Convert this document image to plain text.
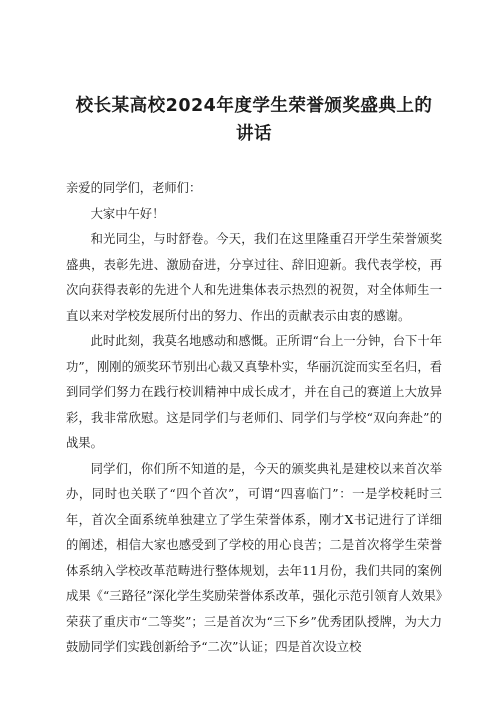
校长某高校2024年度学生荣誉颁奖盛典上的
讲话

亲爱的同学们，老师们：

大家中午好！

和光同尘，与时舒卷。今天，我们在这里隆重召开学生荣誉颁奖盛典，表彰先进、激励奋进，分享过往、辞旧迎新。我代表学校，再次向获得表彰的先进个人和先进集体表示热烈的祝贺，对全体师生一直以来对学校发展所付出的努力、作出的贡献表示由衷的感谢。

此时此刻，我莫名地感动和感慨。正所谓“台上一分钟，台下十年功”，刚刚的颁奖环节别出心裁又真挚朴实，华丽沉淀而实至名归，看到同学们努力在践行校训精神中成长成才，并在自己的赛道上大放异彩，我非常欣慰。这是同学们与老师们、同学们与学校“双向奔赴”的战果。

同学们，你们所不知道的是，今天的颁奖典礼是建校以来首次举办，同时也关联了“四个首次”，可谓“四喜临门”：一是学校耗时三年，首次全面系统单独建立了学生荣誉体系，刚才X书记进行了详细的阐述，相信大家也感受到了学校的用心良苦；二是首次将学生荣誉体系纳入学校改革范畴进行整体规划，去年11月份，我们共同的案例成果《“三路径”深化学生奖励荣誉体系改革，强化示范引领育人效果》荣获了重庆市“二等奖”；三是首次为“三下乡”优秀团队授牌，为大力鼓励同学们实践创新给予“二次”认证；四是首次设立校
